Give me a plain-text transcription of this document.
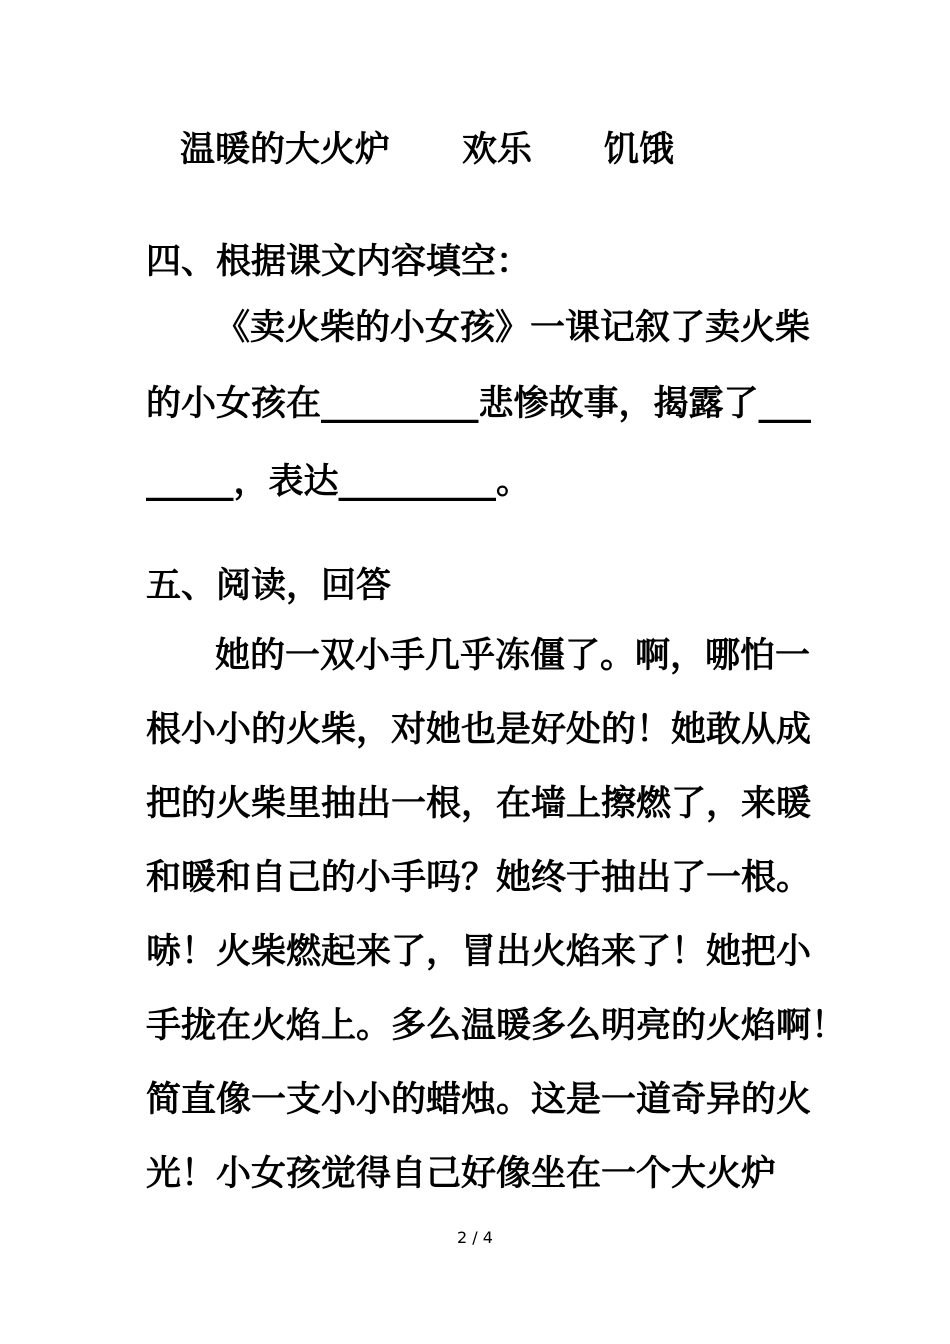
温暖的大火炉 欢乐 饥饿
四、根据课文内容填空：
《卖火柴的小女孩》一课记叙了卖火柴
的小女孩在_________悲惨故事，揭露了___
_____，表达_________。
五、阅读，回答
她的一双小手几乎冻僵了。啊，哪怕一
根小小的火柴，对她也是好处的！她敢从成
把的火柴里抽出一根，在墙上擦燃了，来暖
和暖和自己的小手吗？她终于抽出了一根。
哧！火柴燃起来了，冒出火焰来了！她把小
手拢在火焰上。多么温暖多么明亮的火焰啊！
简直像一支小小的蜡烛。这是一道奇异的火
光！小女孩觉得自己好像坐在一个大火炉
2 / 4
